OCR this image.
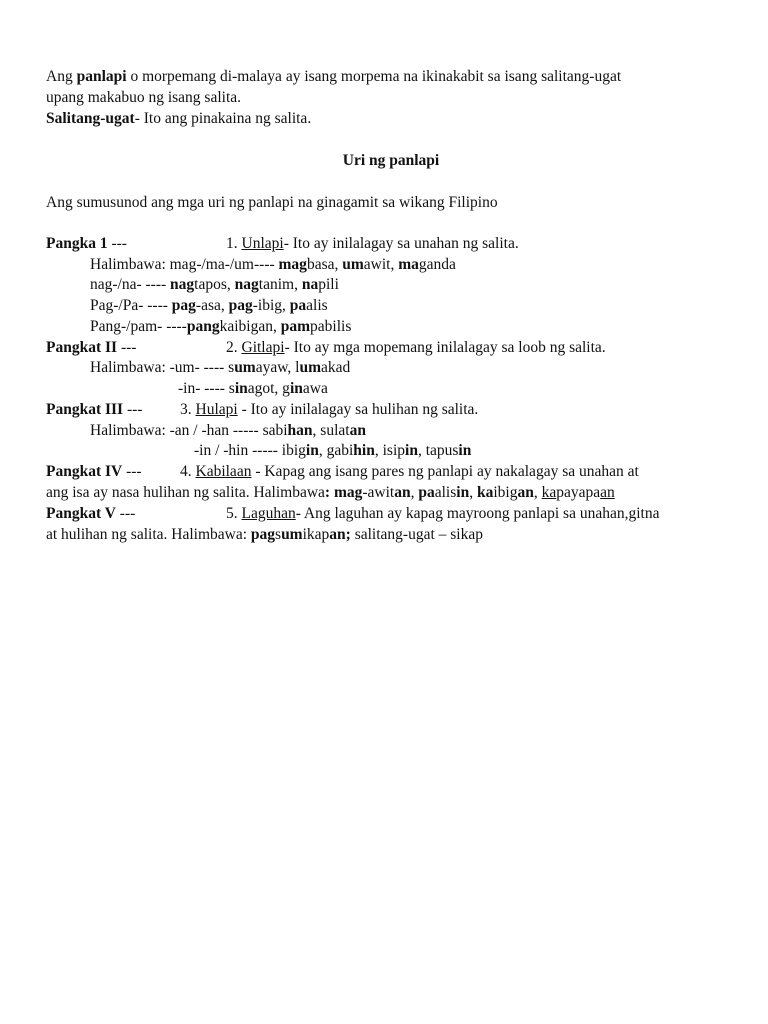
Ang panlapi o morpemang di-malaya ay isang morpema na ikinakabit sa isang salitang-ugat
upang makabuo ng isang salita.
Salitang-ugat- Ito ang pinakaina ng salita.
Uri ng panlapi
Ang sumusunod ang mga uri ng panlapi na ginagamit sa wikang Filipino
Pangka 1 ---	1. Unlapi- Ito ay inilalagay sa unahan ng salita.
Halimbawa: mag-/ma-/um---- magbasa, umawit, maganda
nag-/na- ---- nagtapos, nagtanim, napili
Pag-/Pa- ---- pag-asa, pag-ibig, paalis
Pang-/pam- ----pangkaibigan, pampabilis
Pangkat II ---	2. Gitlapi- Ito ay mga mopemang inilalagay sa loob ng salita.
Halimbawa: -um- ---- sumayaw, lumakad
-in- ---- sinagot, ginawa
Pangkat III --- 3. Hulapi - Ito ay inilalagay sa hulihan ng salita.
Halimbawa: -an / -han ----- sabihan, sulatan
-in / -hin ----- ibigin, gabihin, isipin, tapusin
Pangkat IV --- 4. Kabilaan - Kapag ang isang pares ng panlapi ay nakalagay sa unahan at
ang isa ay nasa hulihan ng salita. Halimbawa: mag-awitan, paalisin, kaibigan, kapayapaan
Pangkat V ---	5. Laguhan- Ang laguhan ay kapag mayroong panlapi sa unahan,gitna
at hulihan ng salita. Halimbawa: pagsumikapan; salitang-ugat – sikap
